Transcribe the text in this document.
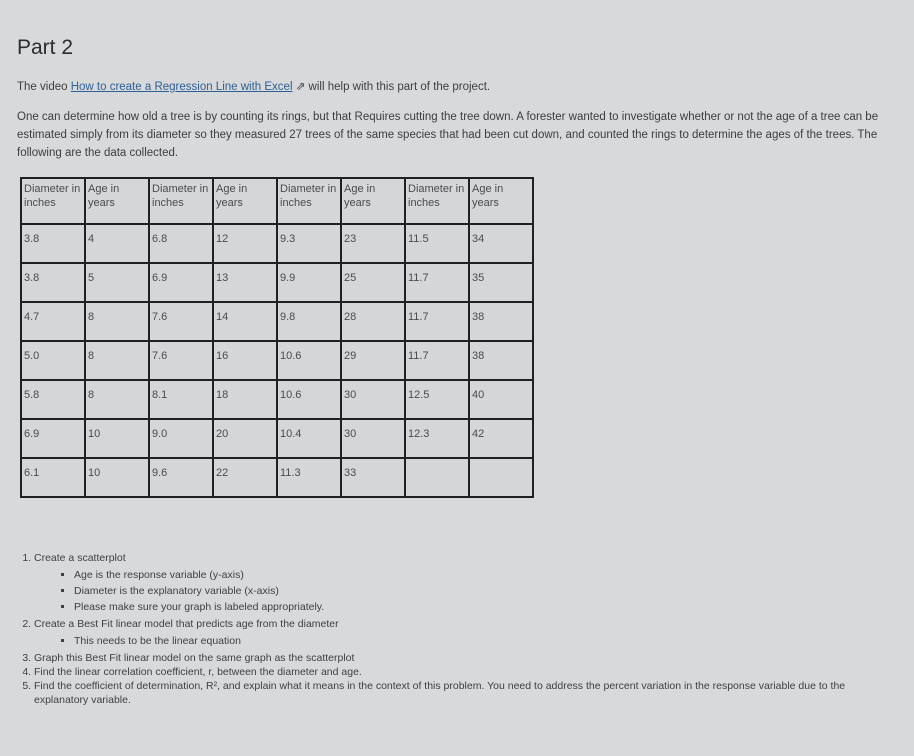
Part 2
The video How to create a Regression Line with Excel ⇗ will help with this part of the project.
One can determine how old a tree is by counting its rings, but that Requires cutting the tree down. A forester wanted to investigate whether or not the age of a tree can be estimated simply from its diameter so they measured 27 trees of the same species that had been cut down, and counted the rings to determine the ages of the trees. The following are the data collected.
Diameter in inches	Age in years	Diameter in inches	Age in years	Diameter in inches	Age in years	Diameter in inches	Age in years
3.8	4	6.8	12	9.3	23	11.5	34
3.8	5	6.9	13	9.9	25	11.7	35
4.7	8	7.6	14	9.8	28	11.7	38
5.0	8	7.6	16	10.6	29	11.7	38
5.8	8	8.1	18	10.6	30	12.5	40
6.9	10	9.0	20	10.4	30	12.3	42
6.1	10	9.6	22	11.3	33		
1. Create a scatterplot
▪ Age is the response variable (y-axis)
▪ Diameter is the explanatory variable (x-axis)
▪ Please make sure your graph is labeled appropriately.
2. Create a Best Fit linear model that predicts age from the diameter
▪ This needs to be the linear equation
3. Graph this Best Fit linear model on the same graph as the scatterplot
4. Find the linear correlation coefficient, r, between the diameter and age.
5. Find the coefficient of determination, R², and explain what it means in the context of this problem. You need to address the percent variation in the response variable due to the explanatory variable.
